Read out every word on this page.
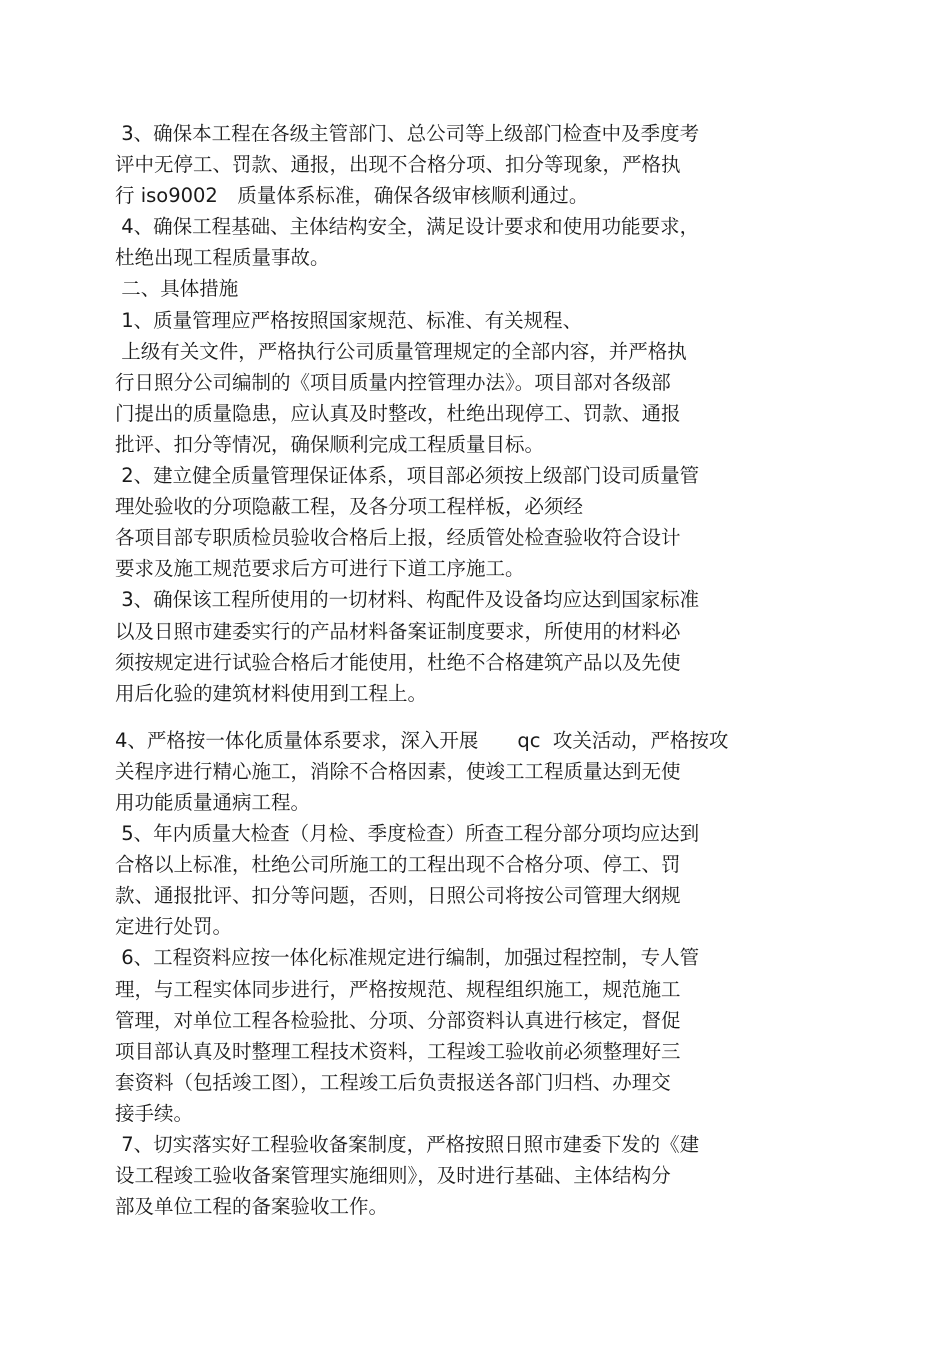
3、确保本工程在各级主管部门、总公司等上级部门检查中及季度考
评中无停工、罚款、通报，出现不合格分项、扣分等现象，严格执
行 iso9002　质量体系标准，确保各级审核顺利通过。
4、确保工程基础、主体结构安全，满足设计要求和使用功能要求，
杜绝出现工程质量事故。
二、具体措施
1、质量管理应严格按照国家规范、标准、有关规程、
上级有关文件，严格执行公司质量管理规定的全部内容，并严格执
行日照分公司编制的《项目质量内控管理办法》。项目部对各级部
门提出的质量隐患，应认真及时整改，杜绝出现停工、罚款、通报
批评、扣分等情况，确保顺利完成工程质量目标。
2、建立健全质量管理保证体系，项目部必须按上级部门设司质量管
理处验收的分项隐蔽工程，及各分项工程样板，必须经
各项目部专职质检员验收合格后上报，经质管处检查验收符合设计
要求及施工规范要求后方可进行下道工序施工。
3、确保该工程所使用的一切材料、构配件及设备均应达到国家标准
以及日照市建委实行的产品材料备案证制度要求，所使用的材料必
须按规定进行试验合格后才能使用，杜绝不合格建筑产品以及先使
用后化验的建筑材料使用到工程上。
4、严格按一体化质量体系要求，深入开展　　qc  攻关活动，严格按攻
关程序进行精心施工，消除不合格因素，使竣工工程质量达到无使
用功能质量通病工程。
5、年内质量大检查（月检、季度检查）所查工程分部分项均应达到
合格以上标准，杜绝公司所施工的工程出现不合格分项、停工、罚
款、通报批评、扣分等问题，否则，日照公司将按公司管理大纲规
定进行处罚。
6、工程资料应按一体化标准规定进行编制，加强过程控制，专人管
理，与工程实体同步进行，严格按规范、规程组织施工，规范施工
管理，对单位工程各检验批、分项、分部资料认真进行核定，督促
项目部认真及时整理工程技术资料，工程竣工验收前必须整理好三
套资料（包括竣工图），工程竣工后负责报送各部门归档、办理交
接手续。
7、切实落实好工程验收备案制度，严格按照日照市建委下发的《建
设工程竣工验收备案管理实施细则》，及时进行基础、主体结构分
部及单位工程的备案验收工作。
